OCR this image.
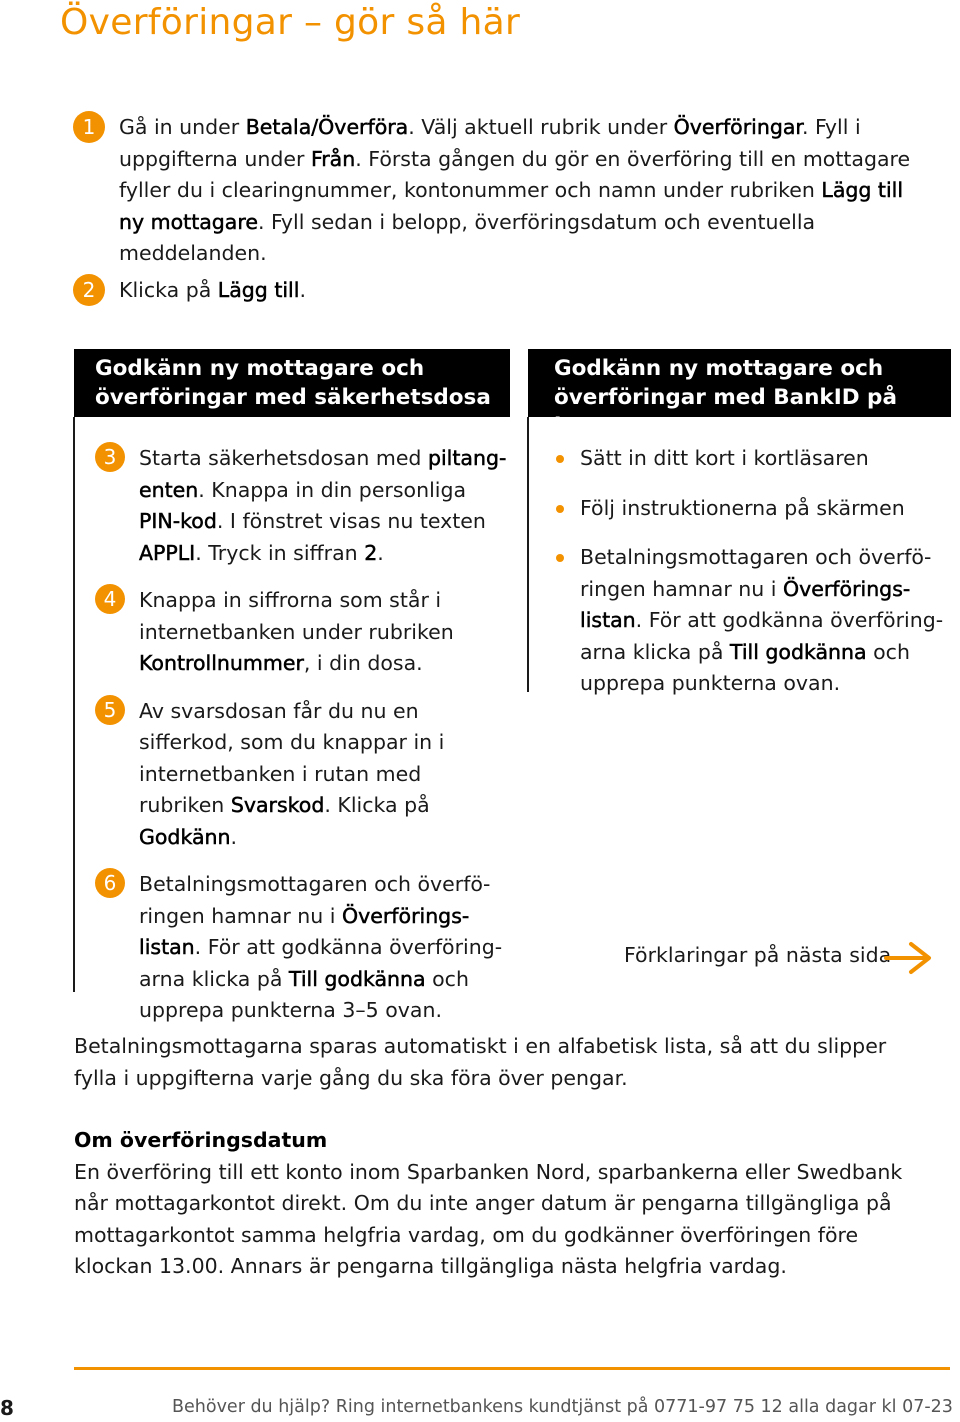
Överföringar – gör så här
1	Gå in under Betala/Överföra. Välj aktuell rubrik under Överföringar. Fyll i uppgifterna under Från. Första gången du gör en överföring till en mottagare fyller du i clearingnummer, kontonummer och namn under rubriken Lägg till ny mottagare. Fyll sedan i belopp, överföringsdatum och eventuella meddelanden.
2	Klicka på Lägg till.
Godkänn ny mottagare och
överföringar med säkerhetsdosa
3	Starta säkerhetsdosan med piltangenten. Knappa in din personliga PIN-kod. I fönstret visas nu texten APPLI. Tryck in siffran 2.
4	Knappa in siffrorna som står i internetbanken under rubriken Kontrollnummer, i din dosa.
5	Av svarsdosan får du nu en sifferkod, som du knappar in i internetbanken i rutan med rubriken Svarskod. Klicka på Godkänn.
6	Betalningsmottagaren och överföringen hamnar nu i Överföringslistan. För att godkänna överföringarna klicka på Till godkänna och upprepa punkterna 3–5 ovan.
Godkänn ny mottagare och
överföringar med BankID på kort
Sätt in ditt kort i kortläsaren
Följ instruktionerna på skärmen
Betalningsmottagaren och överföringen hamnar nu i Överföringslistan. För att godkänna överföringarna klicka på Till godkänna och upprepa punkterna ovan.
Förklaringar på nästa sida
Betalningsmottagarna sparas automatiskt i en alfabetisk lista, så att du slipper fylla i uppgifterna varje gång du ska föra över pengar.
Om överföringsdatum
En överföring till ett konto inom Sparbanken Nord, sparbankerna eller Swedbank når mottagarkontot direkt. Om du inte anger datum är pengarna tillgängliga på mottagarkontot samma helgfria vardag, om du godkänner överföringen före klockan 13.00. Annars är pengarna tillgängliga nästa helgfria vardag.
8	Behöver du hjälp? Ring internetbankens kundtjänst på 0771-97 75 12 alla dagar kl 07-23
